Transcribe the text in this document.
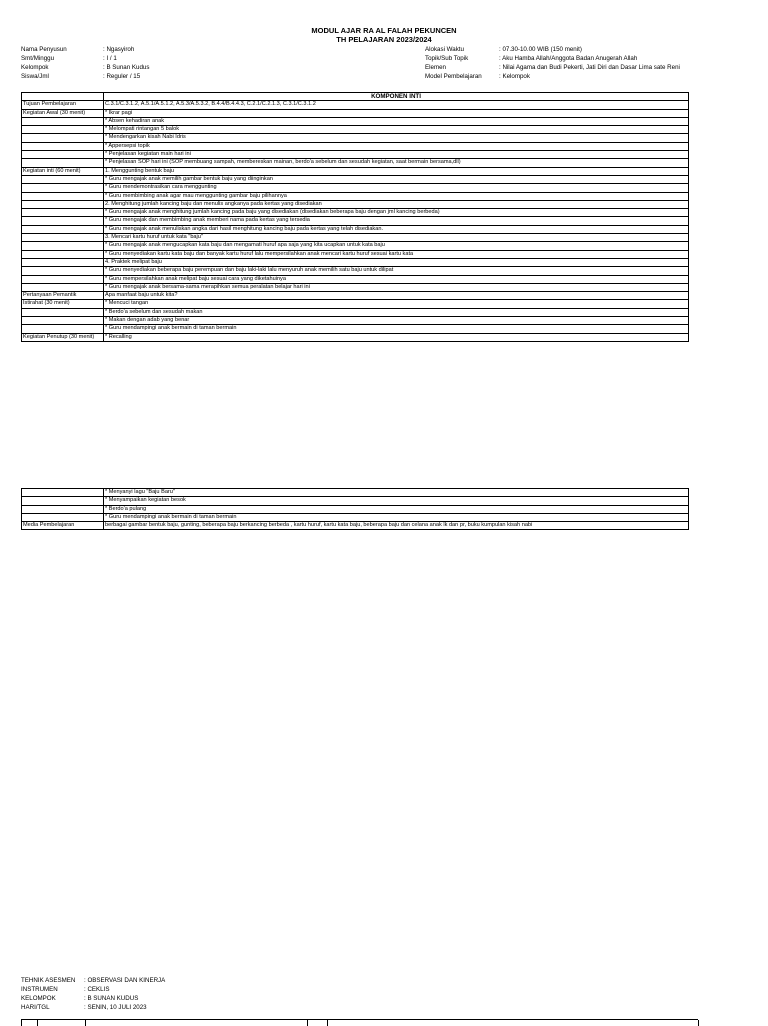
MODUL AJAR RA AL FALAH PEKUNCEN
TH PELAJARAN 2023/2024
Nama Penyusun	: Ngasyiroh
Smt/Minggu	: I / 1
Kelompok	: B Sunan Kudus
Siswa/Jml	: Reguler / 15
Alokasi Waktu	: 07.30-10.00 WIB (150 menit)
Topik/Sub Topik	: Aku Hamba Allah/Anggota Badan Anugerah Allah
Elemen	: Nilai Agama dan Budi Pekerti, Jati Diri dan Dasar Lima sate Reni
Model Pembelajaran	: Kelompok
	KOMPONEN INTI
Tujuan Pembelajaran	C.3.1/C.3.1.2, A.5.1/A.5.1.2, A.5.3/A.5.3.2, B.4.4/B.4.4.3, C.2.1/C.2.1.3, C.3.1/C.3.1.2
Kegiatan Awal (30 menit)	* Ikrar pagi
	* Absen kehadiran anak
	* Melompati rintangan 5 balok
	* Mendengarkan kisah Nabi Idris
	* Appersepsi topik
	* Penjelasan kegiatan main hari ini
	* Penjelasan SOP hari ini (SOP membuang sampah, membereskan mainan, berdo'a sebelum dan sesudah kegiatan, saat bermain bersama,dll)
Kegiatan inti (60 menit)	1. Menggunting bentuk baju
	* Guru mengajak anak memilih gambar bentuk baju yang diinginkan
	* Guru mendemontrasikan cara menggunting
	* Guru membimbing anak agar mau menggunting gambar baju pilihannya
	2. Menghitung jumlah kancing baju dan menulis angkanya pada kertas yang disediakan
	* Guru mengajak anak menghitung jumlah kancing pada baju yang disediakan (disediakan beberapa baju dengan jml kancing berbeda)
	* Guru mengajak dan membimbing anak memberi nama pada kertas yang tersedia
	* Guru mengajak anak menuliskan angka dari hasil menghitung kancing baju pada kertas yang telah disediakan.
	3. Mencari kartu huruf untuk kata "baju"
	* Guru mengajak anak mengucapkan kata baju dan mengamati huruf apa saja yang kita ucapkan untuk kata baju
	* Guru menyediakan kartu kata baju dan banyak kartu huruf lalu mempersilahkan anak mencari kartu huruf sesuai kartu kata
	4. Praktek melipat baju
	* Guru menyediakan beberapa baju perempuan dan baju laki-laki lalu menyuruh anak memilih satu baju untuk dilipat
	* Guru mempersilahkan anak melipat baju sesuai cara yang diketahuinya
	* Guru mengajak anak bersama-sama merapihkan semua peralatan belajar hari ini
Pertanyaan Pemantik	Apa manfaat baju untuk kita?
Istirahat (30 menit)	* Mencuci tangan
	* Berdo'a sebelum dan sesudah makan
	* Makan dengan adab yang benar
	* Guru mendampingi anak bermain di taman bermain
Kegiatan Penutup (30 menit)	* Recalling
	* Menyanyi lagu "Baju Baru"
	* Menyampaikan kegiatan besok
	* Berdo'a pulang
	* Guru mendampingi anak bermain di taman bermain
Media Pembelajaran	berbagai gambar bentuk baju, gunting, beberapa baju berkancing berbeda , kartu huruf, kartu kata baju, beberapa baju dan celana anak lk dan pr, buku kumpulan kisah nabi
TEHNIK ASESMEN : OBSERVASI DAN KINERJA
INSTRUMEN	: CEKLIS
KELOMPOK	: B SUNAN KUDUS
HARI/TGL	: SENIN, 10 JULI 2023
